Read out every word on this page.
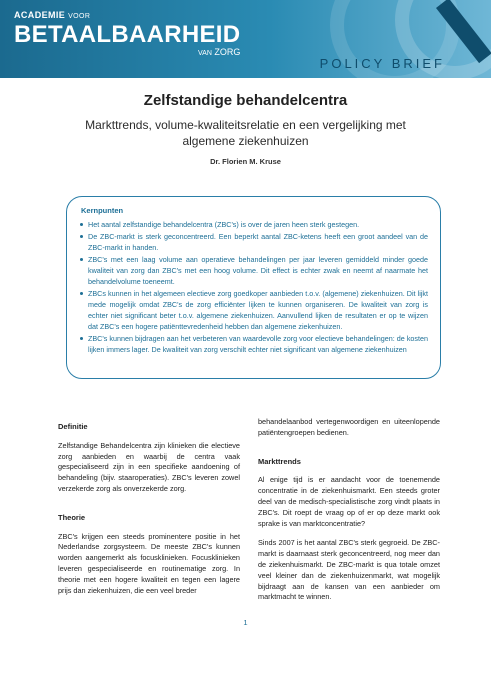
ACADEMIE VOOR
BETAALBAARHEID
VAN ZORG
POLICY BRIEF
Zelfstandige behandelcentra
Markttrends, volume-kwaliteitsrelatie en een vergelijking met algemene ziekenhuizen
Dr. Florien M. Kruse
Kernpunten
Het aantal zelfstandige behandelcentra (ZBC's) is over de jaren heen sterk gestegen.
De ZBC-markt is sterk geconcentreerd. Een beperkt aantal ZBC-ketens heeft een groot aandeel van de ZBC-markt in handen.
ZBC's met een laag volume aan operatieve behandelingen per jaar leveren gemiddeld minder goede kwaliteit van zorg dan ZBC's met een hoog volume. Dit effect is echter zwak en neemt af naarmate het behandelvolume toeneemt.
ZBCs kunnen in het algemeen electieve zorg goedkoper aanbieden t.o.v. (algemene) ziekenhuizen. Dit lijkt mede mogelijk omdat ZBC's de zorg efficiënter lijken te kunnen organiseren. De kwaliteit van zorg is echter niet significant beter t.o.v. algemene ziekenhuizen. Aanvullend lijken de resultaten er op te wijzen dat ZBC's een hogere patiënttevredenheid hebben dan algemene ziekenhuizen.
ZBC's kunnen bijdragen aan het verbeteren van waardevolle zorg voor electieve behandelingen: de kosten lijken immers lager. De kwaliteit van zorg verschilt echter niet significant van algemene ziekenhuizen
Definitie

Zelfstandige Behandelcentra zijn klinieken die electieve zorg aanbieden en waarbij de centra vaak gespecialiseerd zijn in een specifieke aandoening of behandeling (bijv. staaroperaties). ZBC's leveren zowel verzekerde zorg als onverzekerde zorg.

Theorie

ZBC's krijgen een steeds prominentere positie in het Nederlandse zorgsysteem. De meeste ZBC's kunnen worden aangemerkt als focusklinieken. Focusklinieken leveren gespecialiseerde en routinematige zorg. In theorie met een hogere kwaliteit en tegen een lagere prijs dan ziekenhuizen, die een veel breder

behandelaanbod vertegenwoordigen en uiteenlopende patiëntengroepen bedienen.

Markttrends

Al enige tijd is er aandacht voor de toenemende concentratie in de ziekenhuismarkt. Een steeds groter deel van de medisch-specialistische zorg vindt plaats in ZBC's. Dit roept de vraag op of er op deze markt ook sprake is van marktconcentratie?

Sinds 2007 is het aantal ZBC's sterk gegroeid. De ZBC-markt is daarnaast sterk geconcentreerd, nog meer dan de ziekenhuismarkt. De ZBC-markt is qua totale omzet veel kleiner dan de ziekenhuizenmarkt, wat mogelijk bijdraagt aan de kansen van een aanbieder om marktmacht te winnen.

1
